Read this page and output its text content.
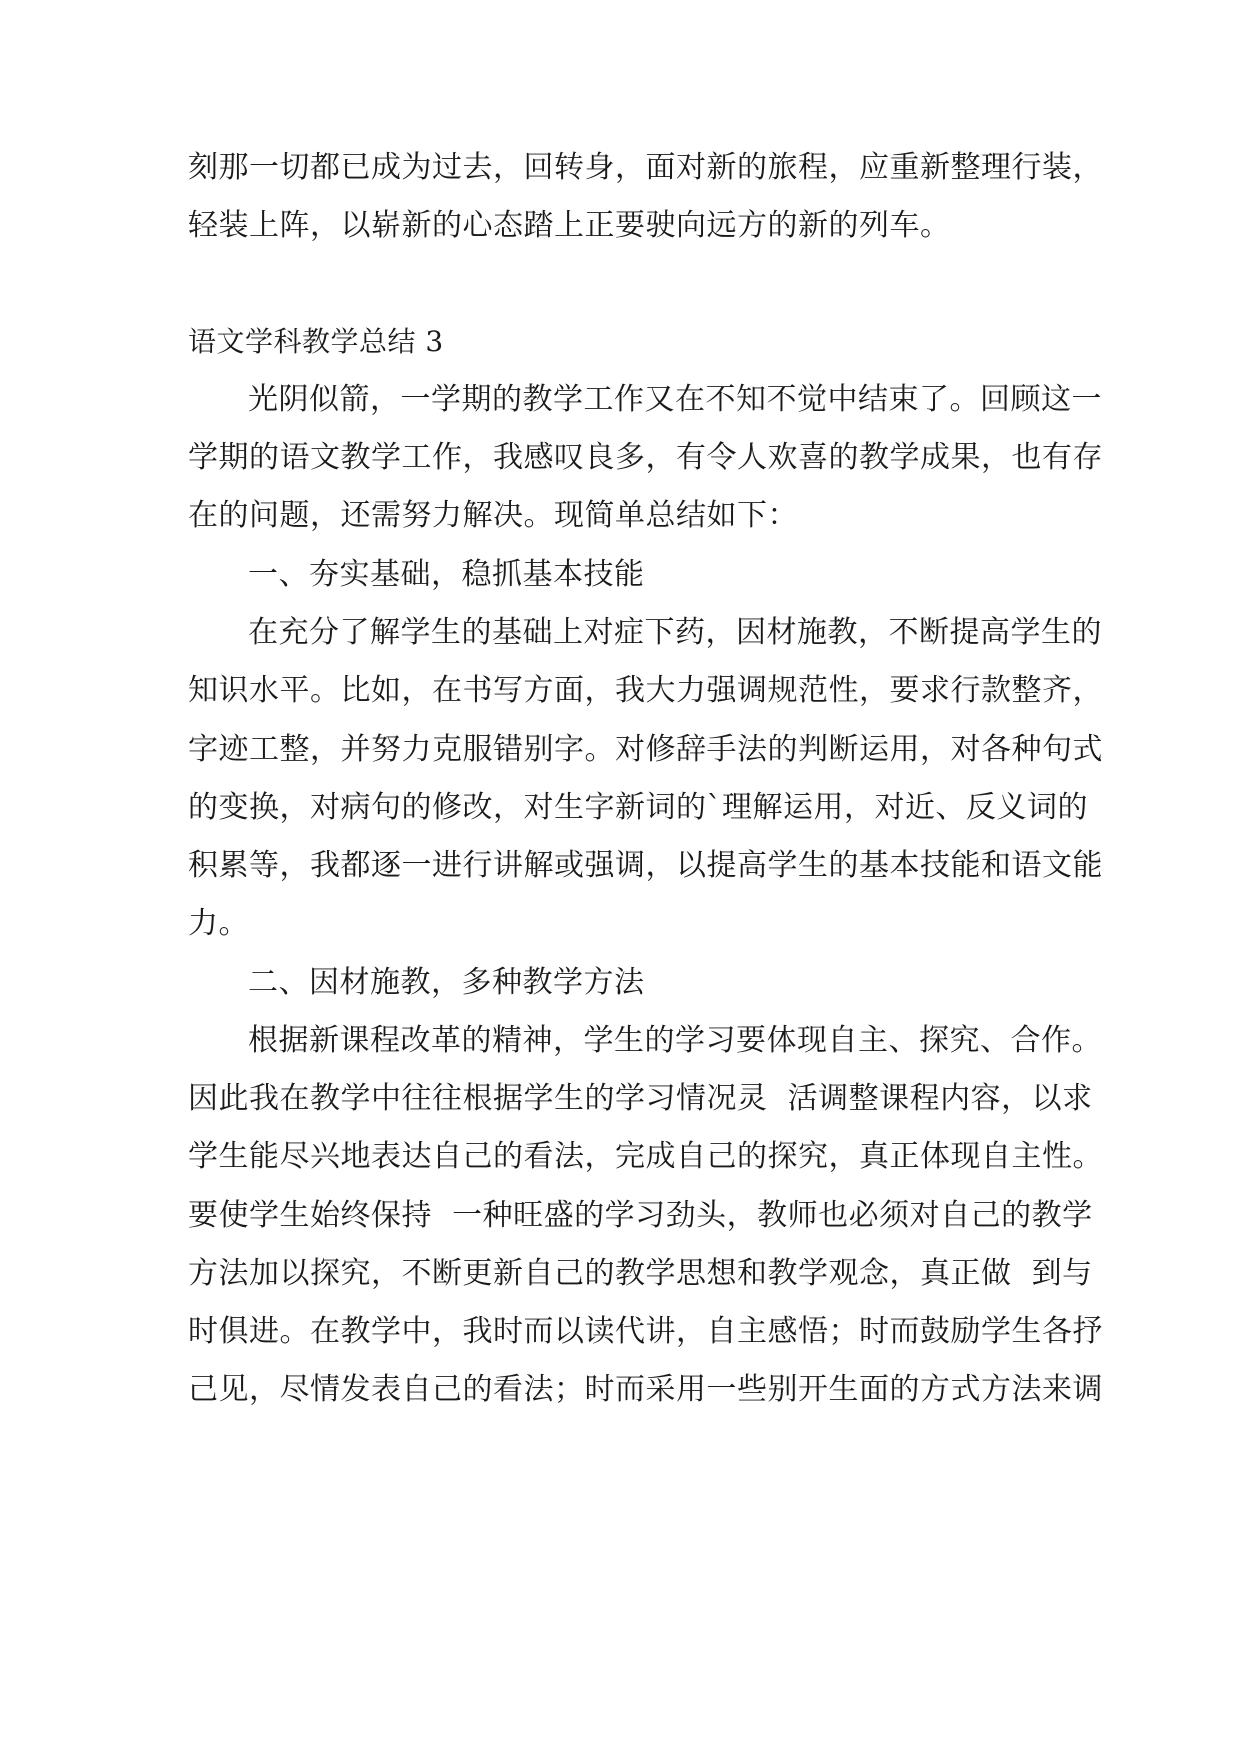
刻那一切都已成为过去，回转身，面对新的旅程，应重新整理行装，
轻装上阵，以崭新的心态踏上正要驶向远方的新的列车。
语文学科教学总结 3
光阴似箭，一学期的教学工作又在不知不觉中结束了。回顾这一
学期的语文教学工作，我感叹良多，有令人欢喜的教学成果，也有存
在的问题，还需努力解决。现简单总结如下：
一、夯实基础，稳抓基本技能
在充分了解学生的基础上对症下药，因材施教，不断提高学生的
知识水平。比如，在书写方面，我大力强调规范性，要求行款整齐，
字迹工整，并努力克服错别字。对修辞手法的判断运用，对各种句式
的变换，对病句的修改，对生字新词的`理解运用，对近、反义词的
积累等，我都逐一进行讲解或强调，以提高学生的基本技能和语文能
力。
二、因材施教，多种教学方法
根据新课程改革的精神，学生的学习要体现自主、探究、合作。
因此我在教学中往往根据学生的学习情况灵  活调整课程内容，以求
学生能尽兴地表达自己的看法，完成自己的探究，真正体现自主性。
要使学生始终保持  一种旺盛的学习劲头，教师也必须对自己的教学
方法加以探究，不断更新自己的教学思想和教学观念，真正做  到与
时俱进。在教学中，我时而以读代讲，自主感悟；时而鼓励学生各抒
己见，尽情发表自己的看法；时而采用一些别开生面的方式方法来调
